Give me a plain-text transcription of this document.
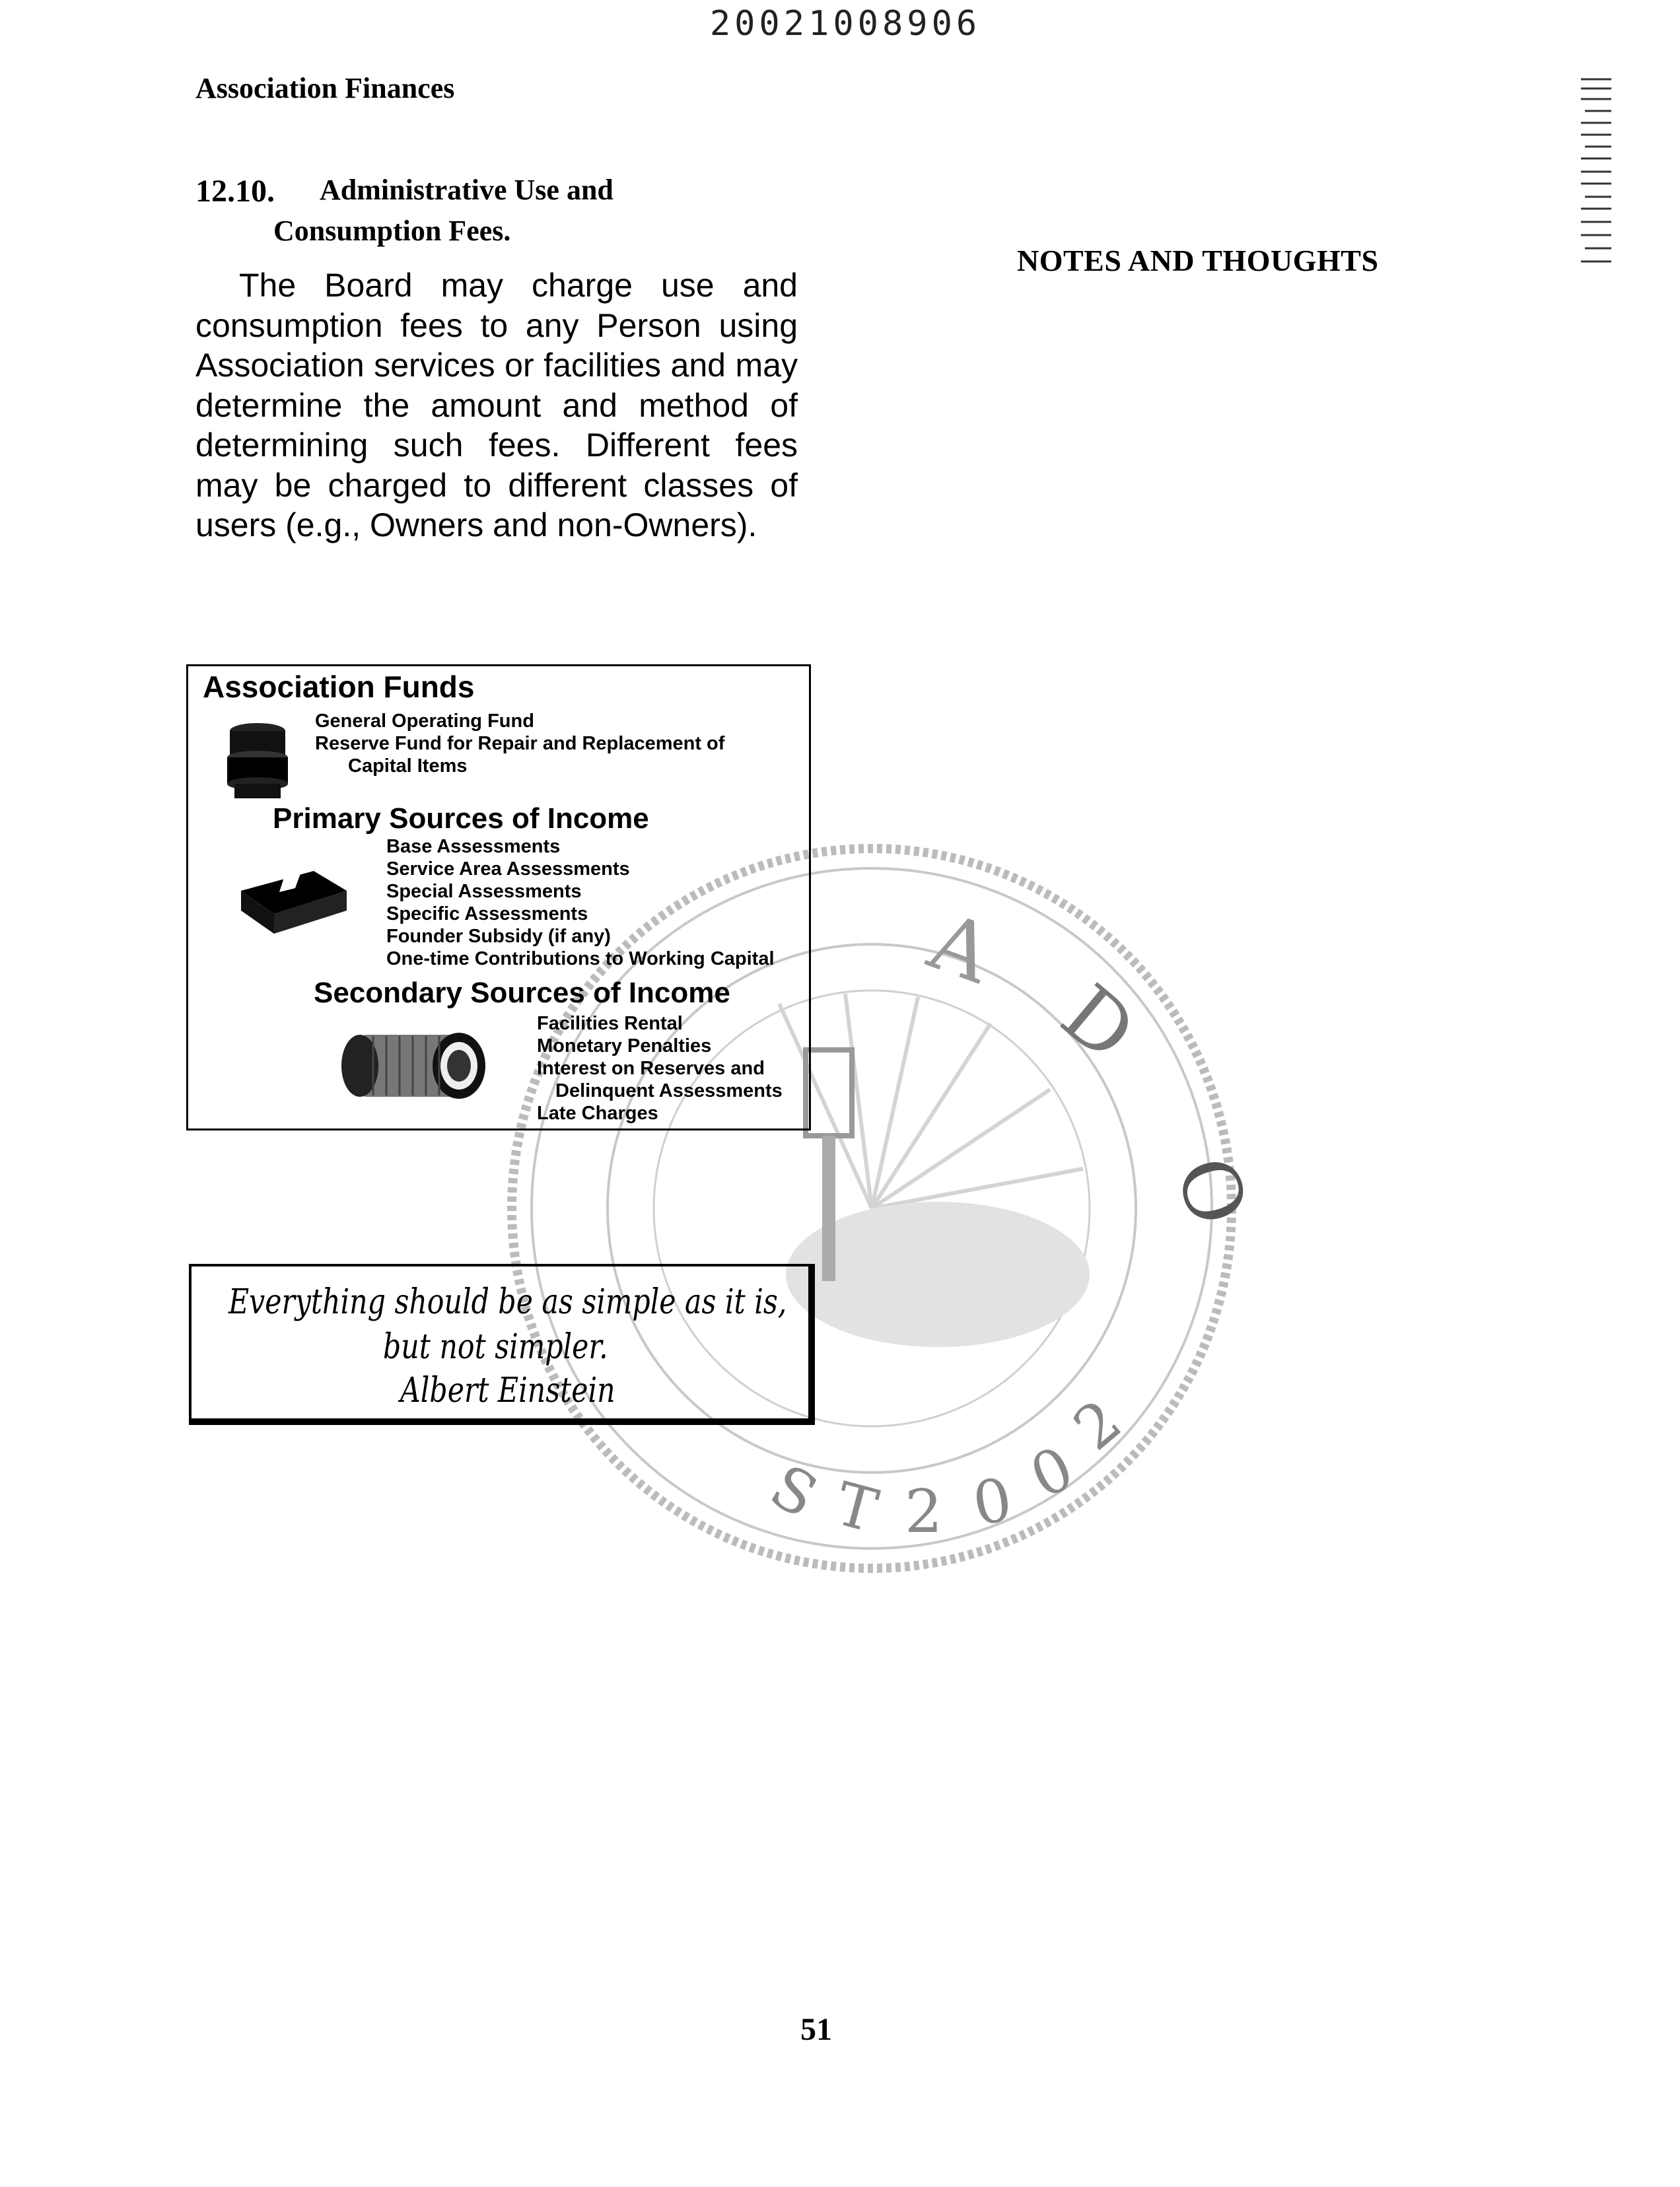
20021008906
Association Finances
12.10. Administrative Use and
Consumption Fees.
NOTES AND THOUGHTS
The Board may charge use and consumption fees to any Person using Association services or facilities and may determine the amount and method of determining such fees. Different fees may be charged to different classes of users (e.g., Owners and non-Owners).
O
D
A
2
0
0
2
T
S
Association Funds
General Operating Fund
Reserve Fund for Repair and Replacement of
Capital Items
Primary Sources of Income
Base Assessments
Service Area Assessments
Special Assessments
Specific Assessments
Founder Subsidy (if any)
One-time Contributions to Working Capital
Secondary Sources of Income
Facilities Rental
Monetary Penalties
Interest on Reserves and
Delinquent Assessments
Late Charges
Everything should be as simple as it is,
but not simpler.
Albert Einstein
51
